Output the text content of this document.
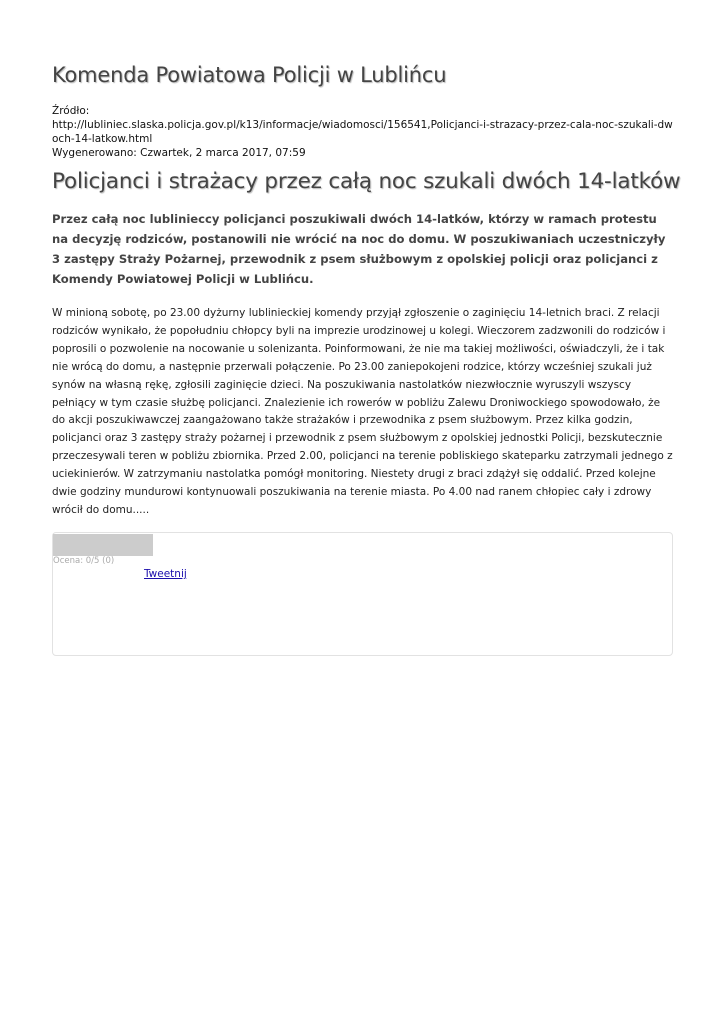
Komenda Powiatowa Policji w Lublińcu
Źródło:
http://lubliniec.slaska.policja.gov.pl/k13/informacje/wiadomosci/156541,Policjanci-i-strazacy-przez-cala-noc-szukali-dwoch-14-latkow.html
Wygenerowano: Czwartek, 2 marca 2017, 07:59
Policjanci i strażacy przez całą noc szukali dwóch 14-latków
Przez całą noc lublinieccy policjanci poszukiwali dwóch 14-latków, którzy w ramach protestu na decyzję rodziców, postanowili nie wrócić na noc do domu. W poszukiwaniach uczestniczyły 3 zastępy Straży Pożarnej, przewodnik z psem służbowym z opolskiej policji oraz policjanci z Komendy Powiatowej Policji w Lublińcu.
W minioną sobotę, po 23.00 dyżurny lublinieckiej komendy przyjął zgłoszenie o zaginięciu 14-letnich braci. Z relacji rodziców wynikało, że popołudniu chłopcy byli na imprezie urodzinowej u kolegi. Wieczorem zadzwonili do rodziców i poprosili o pozwolenie na nocowanie u solenizanta. Poinformowani, że nie ma takiej możliwości, oświadczyli, że i tak nie wrócą do domu, a następnie przerwali połączenie. Po 23.00 zaniepokojeni rodzice, którzy wcześniej szukali już synów na własną rękę, zgłosili zaginięcie dzieci. Na poszukiwania nastolatków niezwłocznie wyruszyli wszyscy pełniący w tym czasie służbę policjanci. Znalezienie ich rowerów w pobliżu Zalewu Droniwockiego spowodowało, że do akcji poszukiwawczej zaangażowano także strażaków i przewodnika z psem służbowym. Przez kilka godzin, policjanci oraz 3 zastępy straży pożarnej i przewodnik z psem służbowym z opolskiej jednostki Policji, bezskutecznie przeczesywali teren w pobliżu zbiornika. Przed 2.00, policjanci na terenie pobliskiego skateparku zatrzymali jednego z uciekinierów. W zatrzymaniu nastolatka pomógł monitoring. Niestety drugi z braci zdążył się oddalić. Przed kolejne dwie godziny mundurowi kontynuowali poszukiwania na terenie miasta. Po 4.00 nad ranem chłopiec cały i zdrowy wrócił do domu.....
Ocena: 0/5 (0)
Tweetnij
